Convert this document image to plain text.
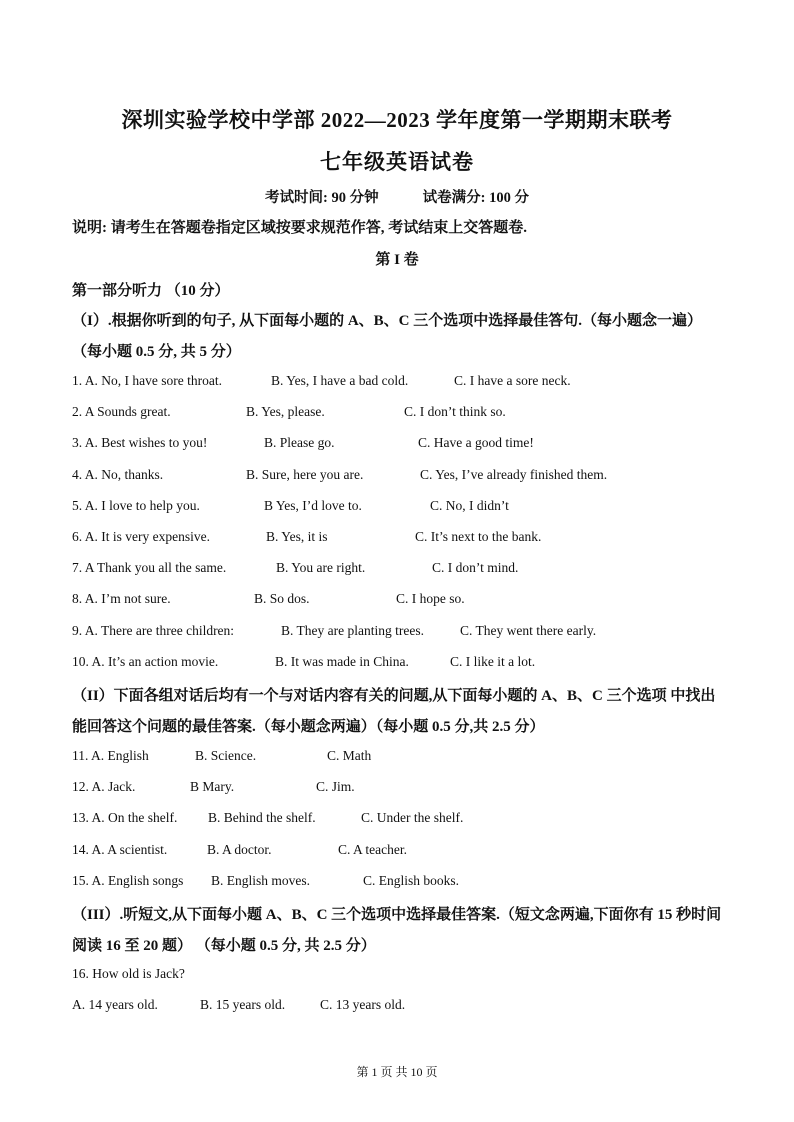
深圳实验学校中学部 2022—2023 学年度第一学期期末联考
七年级英语试卷
考试时间: 90 分钟	试卷满分: 100 分
说明: 请考生在答题卷指定区域按要求规范作答, 考试结束上交答题卷.
第 I 卷
第一部分听力 （10 分）
（I）.根据你听到的句子, 从下面每小题的 A、B、C 三个选项中选择最佳答句.（每小题念一遍）（每小题 0.5 分, 共 5 分）
1. A. No, I have sore throat.	B. Yes, I have a bad cold.	C. I have a sore neck.
2. A Sounds great.	B. Yes, please.	C. I don’t think so.
3. A. Best wishes to you!	B. Please go.	C. Have a good time!
4. A. No, thanks.	B. Sure, here you are.	C. Yes, I’ve already finished them.
5. A. I love to help you.	B Yes, I’d love to.	C. No, I didn’t
6. A. It is very expensive.	B. Yes, it is	C. It’s next to the bank.
7. A Thank you all the same.	B. You are right.	C. I don’t mind.
8. A. I’m not sure.	B. So dos.	C. I hope so.
9. A. There are three children:	B. They are planting trees.	C. They went there early.
10. A. It’s an action movie.	B. It was made in China.	C. I like it a lot.
（II）下面各组对话后均有一个与对话内容有关的问题,从下面每小题的 A、B、C 三个选项 中找出能回答这个问题的最佳答案.（每小题念两遍）（每小题 0.5 分,共 2.5 分）
11. A. English	B. Science.	C. Math
12. A. Jack.	B Mary.	C. Jim.
13. A. On the shelf. B. Behind the shelf.	C. Under the shelf.
14. A. A scientist.	B. A doctor.	C. A teacher.
15. A. English songs B. English moves.	C. English books.
（III）.听短文,从下面每小题 A、B、C 三个选项中选择最佳答案.（短文念两遍,下面你有 15 秒时间阅读 16 至 20 题） （每小题 0.5 分, 共 2.5 分）
16. How old is Jack?
A. 14 years old.	B. 15 years old.	C. 13 years old.
第 1 页 共 10 页
